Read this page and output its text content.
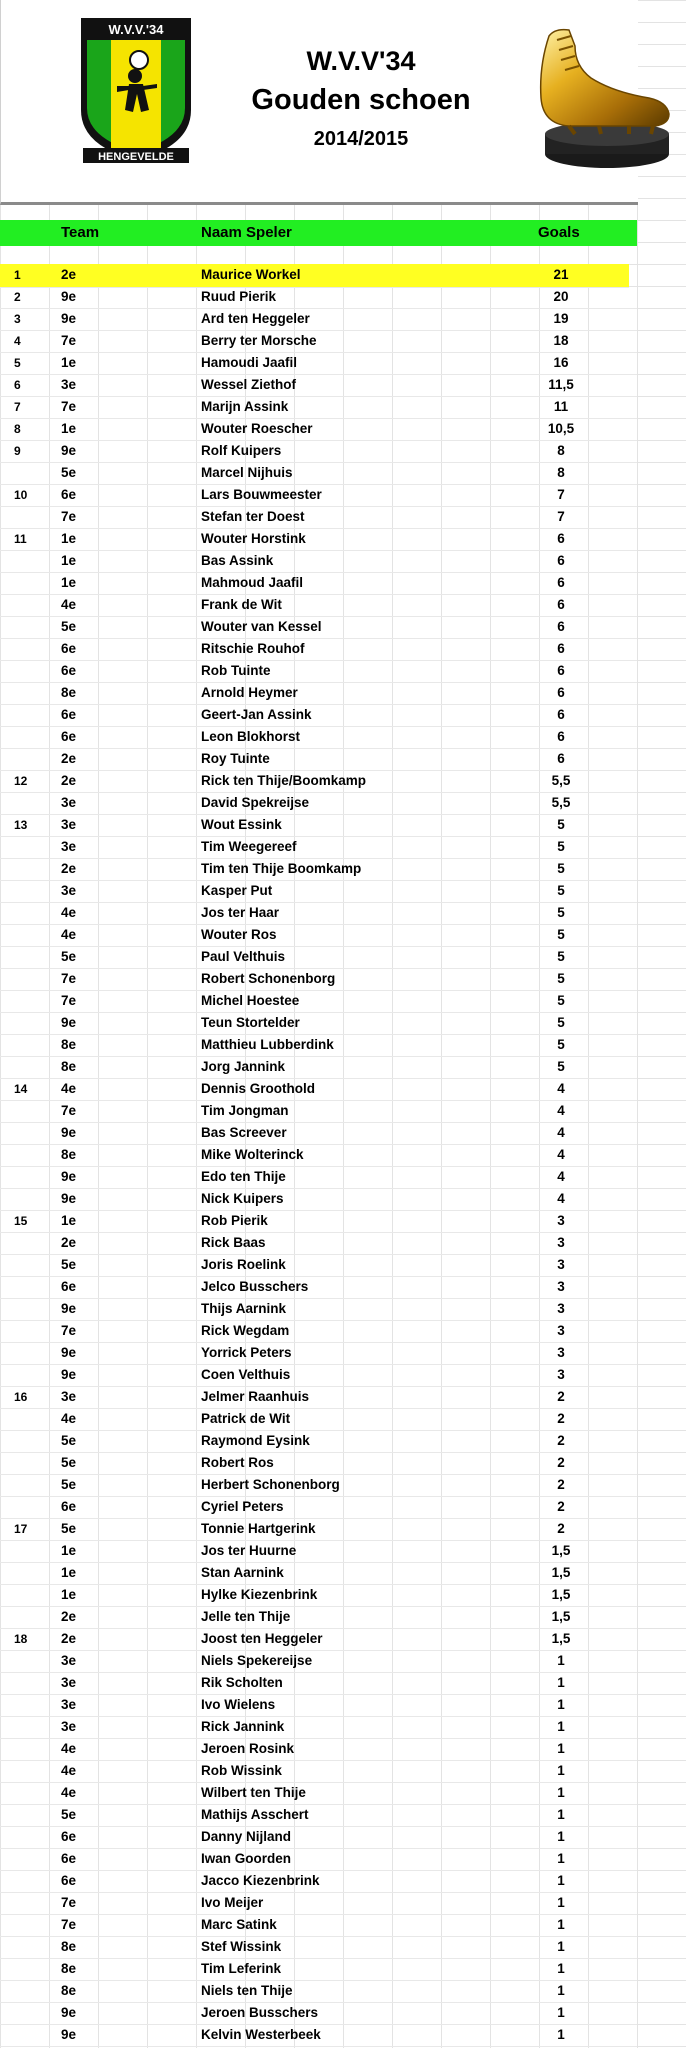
W.V.V.'34
HENGEVELDE
W.V.V'34
Gouden schoen
2014/2015
Team	Naam Speler	Goals
1	2e	Maurice Workel	21
2	9e	Ruud Pierik	20
3	9e	Ard ten Heggeler	19
4	7e	Berry ter Morsche	18
5	1e	Hamoudi Jaafil	16
6	3e	Wessel Ziethof	11,5
7	7e	Marijn Assink	11
8	1e	Wouter Roescher	10,5
9	9e	Rolf Kuipers	8
5e	Marcel Nijhuis	8
10 6e	Lars Bouwmeester	7
7e	Stefan ter Doest	7
11	1e	Wouter Horstink	6
1e	Bas Assink	6
1e	Mahmoud Jaafil	6
4e	Frank de Wit	6
5e	Wouter van Kessel	6
6e	Ritschie Rouhof	6
6e	Rob Tuinte	6
8e	Arnold Heymer	6
6e	Geert-Jan Assink	6
6e	Leon Blokhorst	6
2e	Roy Tuinte	6
12 2e	Rick ten Thije/Boomkamp	5,5
3e	David Spekreijse	5,5
13 3e	Wout Essink	5
3e	Tim Weegereef	5
2e	Tim ten Thije Boomkamp	5
3e	Kasper Put	5
4e	Jos ter Haar	5
4e	Wouter Ros	5
5e	Paul Velthuis	5
7e	Robert Schonenborg	5
7e	Michel Hoestee	5
9e	Teun Stortelder	5
8e	Matthieu Lubberdink	5
8e	Jorg Jannink	5
14 4e	Dennis Groothold	4
7e	Tim Jongman	4
9e	Bas Screever	4
8e	Mike Wolterinck	4
9e	Edo ten Thije	4
9e	Nick Kuipers	4
15 1e	Rob Pierik	3
2e	Rick Baas	3
5e	Joris Roelink	3
6e	Jelco Busschers	3
9e	Thijs Aarnink	3
7e	Rick Wegdam	3
9e	Yorrick Peters	3
9e	Coen Velthuis	3
16 3e	Jelmer Raanhuis	2
4e	Patrick de Wit	2
5e	Raymond Eysink	2
5e	Robert Ros	2
5e	Herbert Schonenborg	2
6e	Cyriel Peters	2
17 5e	Tonnie Hartgerink	2
1e	Jos ter Huurne	1,5
1e	Stan Aarnink	1,5
1e	Hylke Kiezenbrink	1,5
2e	Jelle ten Thije	1,5
18 2e	Joost ten Heggeler	1,5
3e	Niels Spekereijse	1
3e	Rik Scholten	1
3e	Ivo Wielens	1
3e	Rick Jannink	1
4e	Jeroen Rosink	1
4e	Rob Wissink	1
4e	Wilbert ten Thije	1
5e	Mathijs Asschert	1
6e	Danny Nijland	1
6e	Iwan Goorden	1
6e	Jacco Kiezenbrink	1
7e	Ivo Meijer	1
7e	Marc Satink	1
8e	Stef Wissink	1
8e	Tim Leferink	1
8e	Niels ten Thije	1
9e	Jeroen Busschers	1
9e	Kelvin Westerbeek	1
